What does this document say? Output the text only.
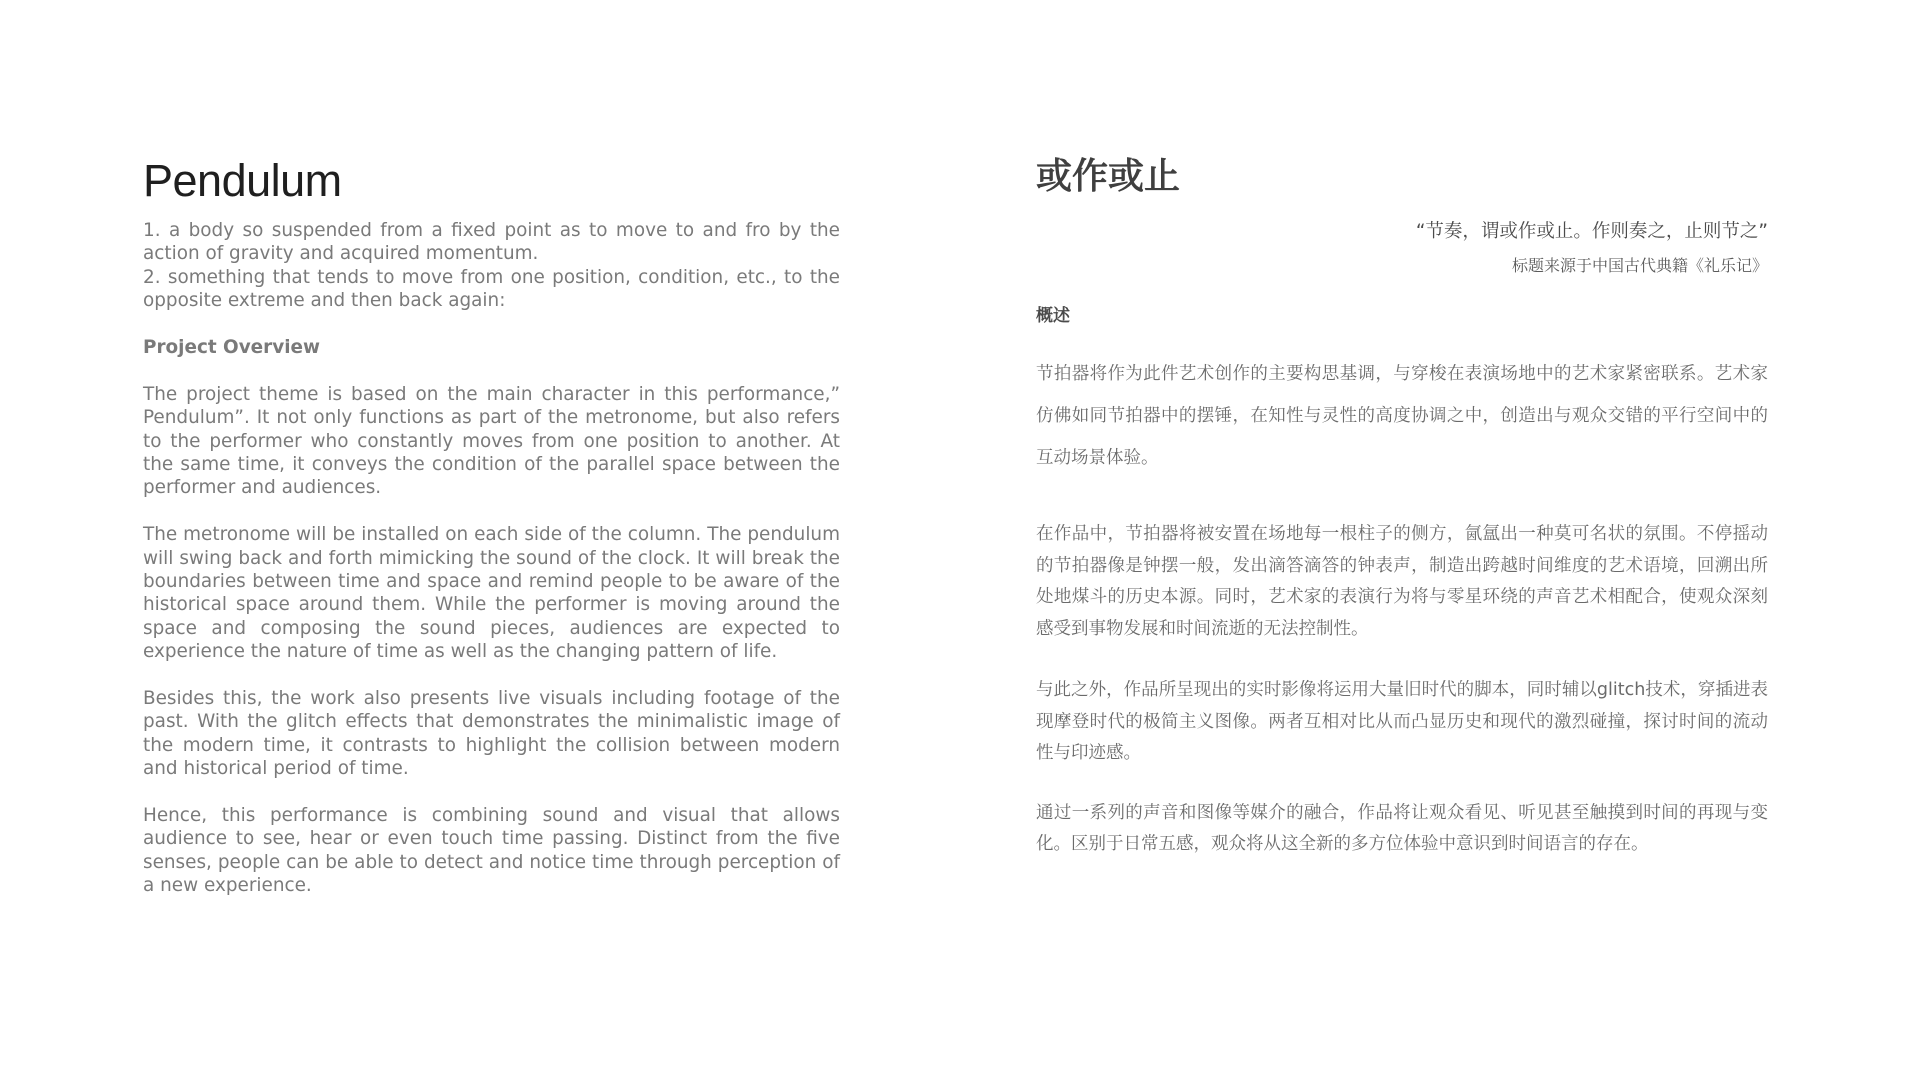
Pendulum

1. a body so suspended from a fixed point as to move to and fro by the action of gravity and acquired momentum.

2. something that tends to move from one position, condition, etc., to the opposite extreme and then back again:

Project Overview

The project theme is based on the main character in this performance,” Pendulum”. It not only functions as part of the metronome, but also refers to the performer who constantly moves from one position to another. At the same time, it conveys the condition of the parallel space between the performer and audiences.

The metronome will be installed on each side of the column. The pendulum will swing back and forth mimicking the sound of the clock. It will break the boundaries between time and space and remind people to be aware of the historical space around them. While the performer is moving around the space and composing the sound pieces, audiences are expected to experience the nature of time as well as the changing pattern of life.

Besides this, the work also presents live visuals including footage of the past. With the glitch effects that demonstrates the minimalistic image of the modern time, it contrasts to highlight the collision between modern and historical period of time.

Hence, this performance is combining sound and visual that allows audience to see, hear or even touch time passing. Distinct from the five senses, people can be able to detect and notice time through perception of a new experience.

或作或止
“节奏，谓或作或止。作则奏之，止则节之”
标题来源于中国古代典籍《礼乐记》
概述

节拍器将作为此件艺术创作的主要构思基调，与穿梭在表演场地中的艺术家紧密联系。艺术家仿佛如同节拍器中的摆锤，在知性与灵性的高度协调之中，创造出与观众交错的平行空间中的互动场景体验。

在作品中，节拍器将被安置在场地每一根柱子的侧方，氤氲出一种莫可名状的氛围。不停摇动的节拍器像是钟摆一般，发出滴答滴答的钟表声，制造出跨越时间维度的艺术语境，回溯出所处地煤斗的历史本源。同时，艺术家的表演行为将与零星环绕的声音艺术相配合，使观众深刻感受到事物发展和时间流逝的无法控制性。

与此之外，作品所呈现出的实时影像将运用大量旧时代的脚本，同时辅以glitch技术，穿插进表现摩登时代的极简主义图像。两者互相对比从而凸显历史和现代的激烈碰撞，探讨时间的流动性与印迹感。

通过一系列的声音和图像等媒介的融合，作品将让观众看见、听见甚至触摸到时间的再现与变化。区别于日常五感，观众将从这全新的多方位体验中意识到时间语言的存在。
